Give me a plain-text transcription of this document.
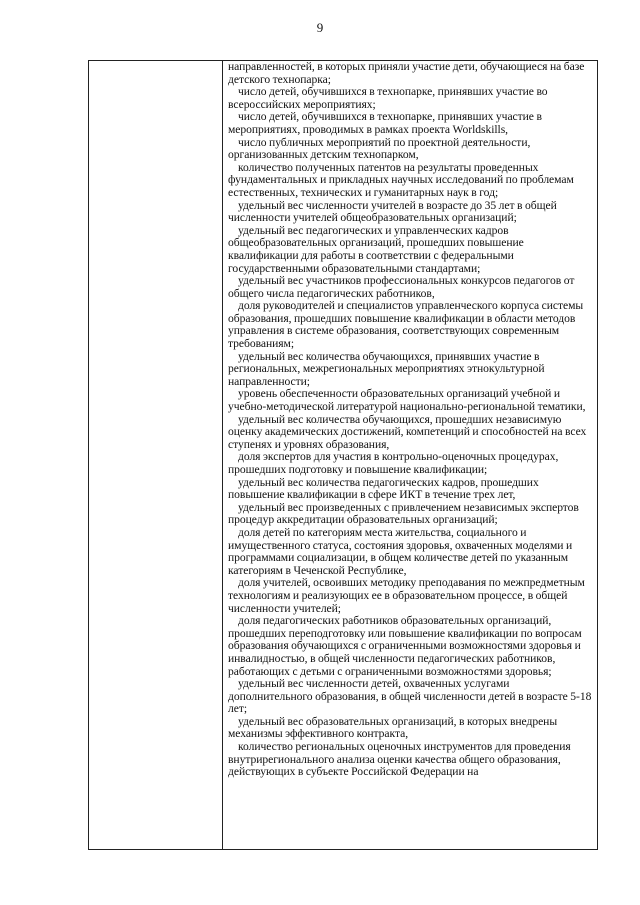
9

направленностей, в которых приняли участие дети, обучающиеся на базе детского технопарка;

число детей, обучившихся в технопарке, принявших участие во всероссийских мероприятиях;

число детей, обучившихся в технопарке, принявших участие в мероприятиях, проводимых в рамках проекта Worldskills,

число публичных мероприятий по проектной деятельности, организованных детским технопарком,

количество полученных патентов на результаты проведенных фундаментальных и прикладных научных исследований по проблемам естественных, технических и гуманитарных наук в год;

удельный вес численности учителей в возрасте до 35 лет в общей численности учителей общеобразовательных организаций;

удельный вес педагогических и управленческих кадров общеобразовательных организаций, прошедших повышение квалификации для работы в соответствии с федеральными государственными образовательными стандартами;

удельный вес участников профессиональных конкурсов педагогов от общего числа педагогических работников,

доля руководителей и специалистов управленческого корпуса системы образования, прошедших повышение квалификации в области методов управления в системе образования, соответствующих современным требованиям;

удельный вес количества обучающихся, принявших участие в региональных, межрегиональных мероприятиях этнокультурной направленности;

уровень обеспеченности образовательных организаций учебной и учебно-методической литературой национально-региональной тематики,

удельный вес количества обучающихся, прошедших независимую оценку академических достижений, компетенций и способностей на всех ступенях и уровнях образования,

доля экспертов для участия в контрольно-оценочных процедурах, прошедших подготовку и повышение квалификации;

удельный вес количества педагогических кадров, прошедших повышение квалификации в сфере ИКТ в течение трех лет,

удельный вес произведенных с привлечением независимых экспертов процедур аккредитации образовательных организаций;

доля детей по категориям места жительства, социального и имущественного статуса, состояния здоровья, охваченных моделями и программами социализации, в общем количестве детей по указанным категориям в Чеченской Республике,

доля учителей, освоивших методику преподавания по межпредметным технологиям и реализующих ее в образовательном процессе, в общей численности учителей;

доля педагогических работников образовательных организаций, прошедших переподготовку или повышение квалификации по вопросам образования обучающихся с ограниченными возможностями здоровья и инвалидностью, в общей численности педагогических работников, работающих с детьми с ограниченными возможностями здоровья;

удельный вес численности детей, охваченных услугами дополнительного образования, в общей численности детей в возрасте 5-18 лет;

удельный вес образовательных организаций, в которых внедрены механизмы эффективного контракта,

количество региональных оценочных инструментов для проведения внутрирегионального анализа оценки качества общего образования, действующих в субъекте Российской Федерации на
